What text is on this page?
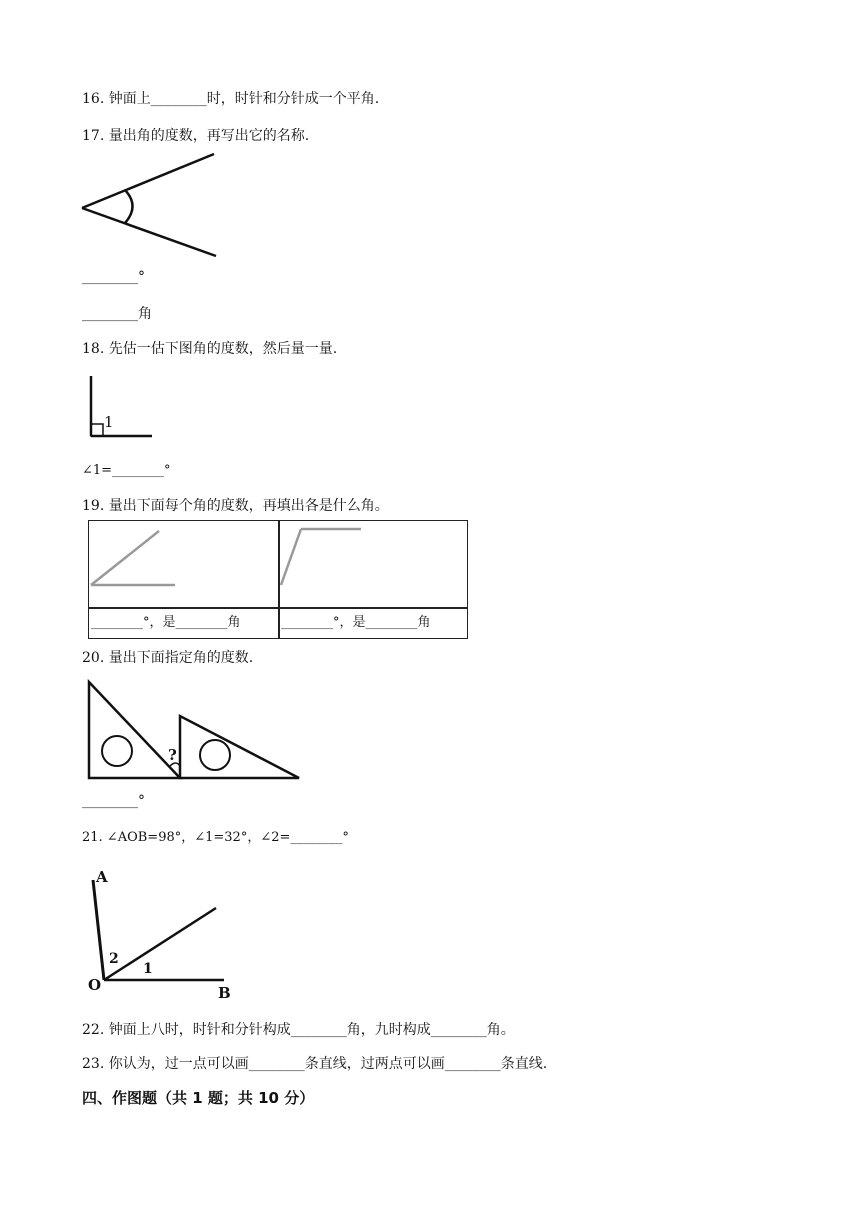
16. 钟面上________时，时针和分针成一个平角.
17. 量出角的度数，再写出它的名称.
________°
________角
18. 先估一估下图角的度数，然后量一量.
1
∠1=________°
19. 量出下面每个角的度数，再填出各是什么角。
________°，是________角	________°，是________角
20. 量出下面指定角的度数.
?
________°
21. ∠AOB=98°，∠1=32°，∠2=________°
A
O	B
1
2
22. 钟面上八时，时针和分针构成________角，九时构成________角。
23. 你认为，过一点可以画________条直线，过两点可以画________条直线.
四、作图题（共 1 题；共 10 分）
